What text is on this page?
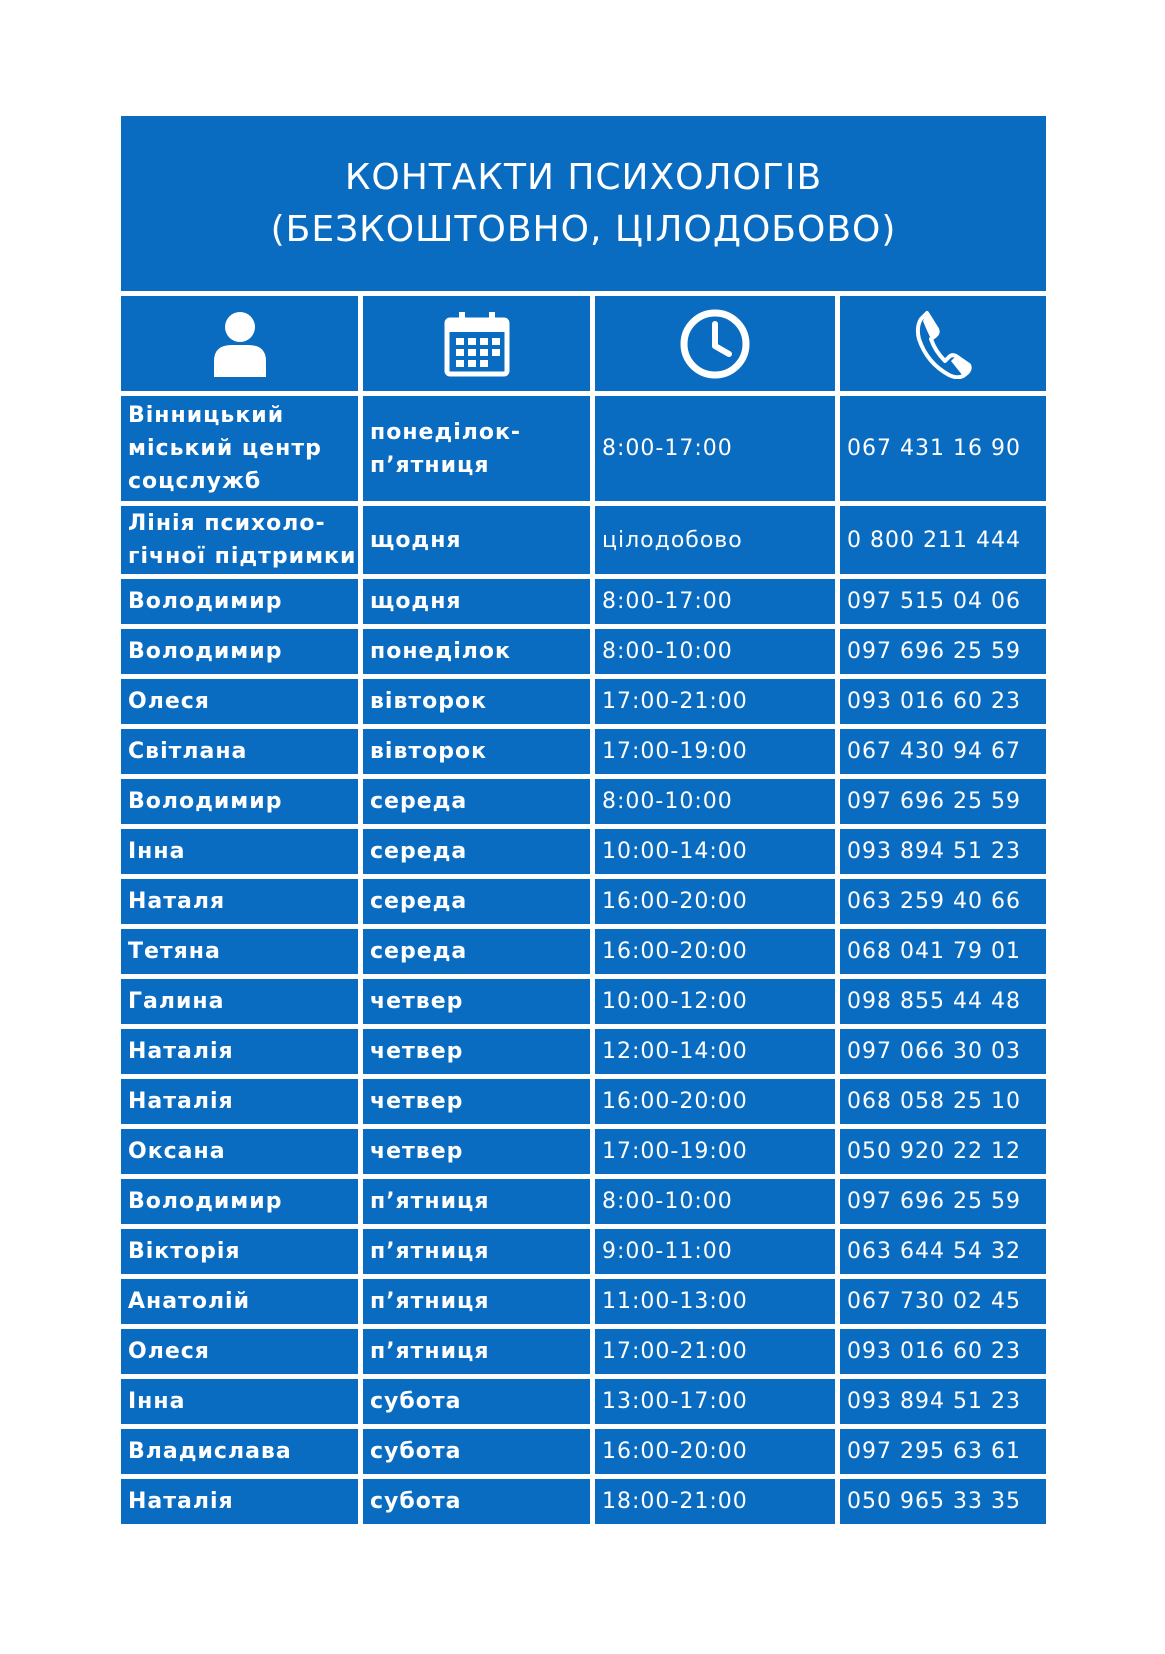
КОНТАКТИ ПСИХОЛОГІВ
(БЕЗКОШТОВНО, ЦІЛОДОБОВО)

Вінницький міський центр соцслужб	понеділок-п’ятниця	8:00-17:00	067 431 16 90
Лінія психоло-гічної підтримки	щодня	цілодобово	0 800 211 444
Володимир	щодня	8:00-17:00	097 515 04 06
Володимир	понеділок	8:00-10:00	097 696 25 59
Олеся	вівторок	17:00-21:00	093 016 60 23
Світлана	вівторок	17:00-19:00	067 430 94 67
Володимир	середа	8:00-10:00	097 696 25 59
Інна	середа	10:00-14:00	093 894 51 23
Наталя	середа	16:00-20:00	063 259 40 66
Тетяна	середа	16:00-20:00	068 041 79 01
Галина	четвер	10:00-12:00	098 855 44 48
Наталія	четвер	12:00-14:00	097 066 30 03
Наталія	четвер	16:00-20:00	068 058 25 10
Оксана	четвер	17:00-19:00	050 920 22 12
Володимир	п’ятниця	8:00-10:00	097 696 25 59
Вікторія	п’ятниця	9:00-11:00	063 644 54 32
Анатолій	п’ятниця	11:00-13:00	067 730 02 45
Олеся	п’ятниця	17:00-21:00	093 016 60 23
Інна	субота	13:00-17:00	093 894 51 23
Владислава	субота	16:00-20:00	097 295 63 61
Наталія	субота	18:00-21:00	050 965 33 35
